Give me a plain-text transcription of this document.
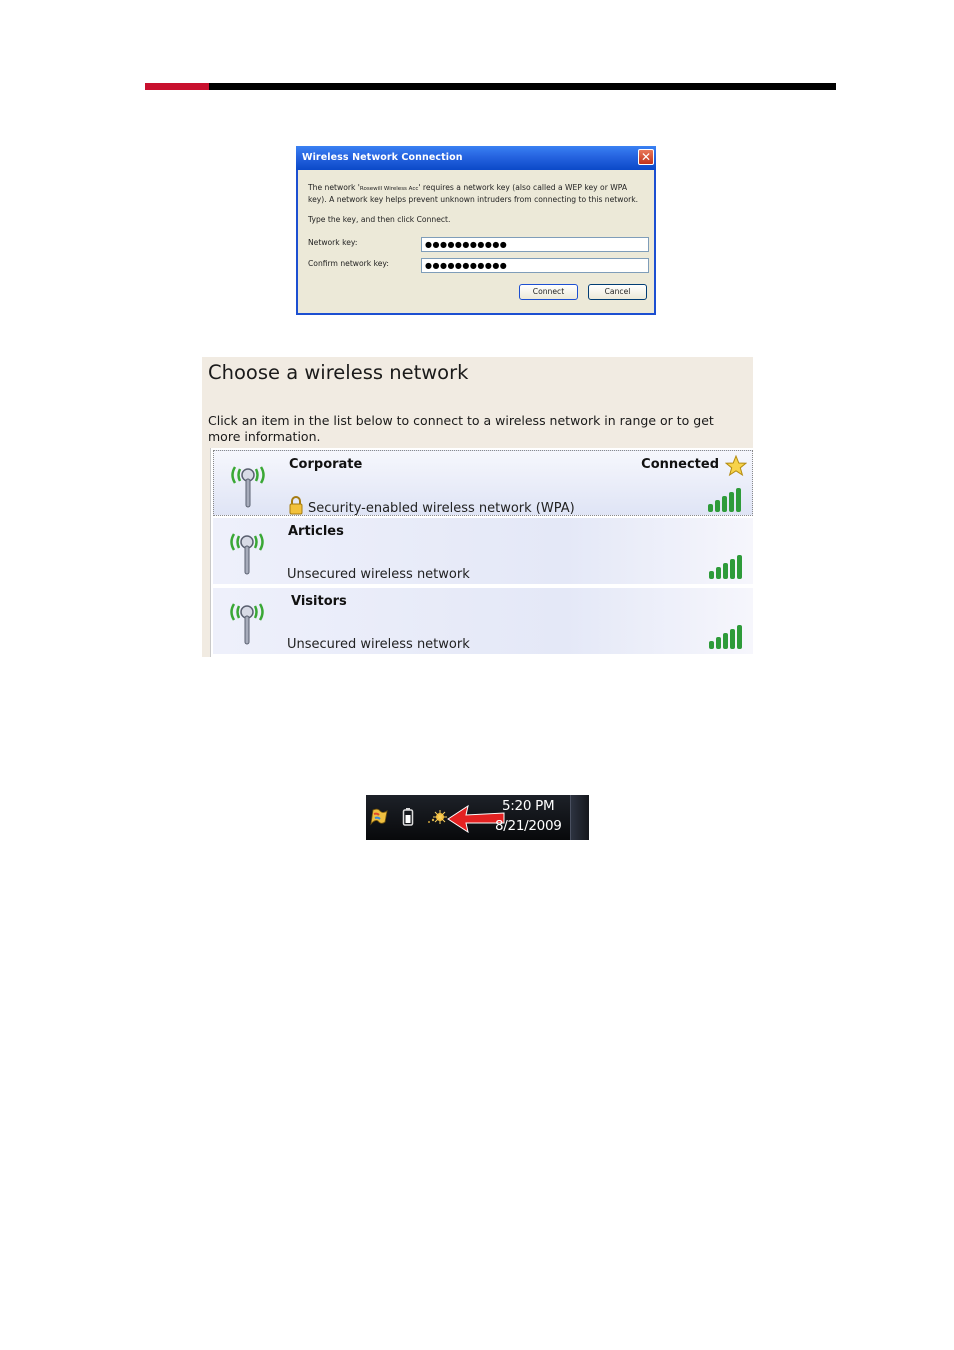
Wireless Network Connection	✕
The network 'Rosewill Wireless Acc' requires a network key (also called a WEP key or WPA key). A network key helps prevent unknown intruders from connecting to this network.
Type the key, and then click Connect.
Network key:	●●●●●●●●●●●
Confirm network key:	●●●●●●●●●●●
Connect	Cancel
Choose a wireless network
Click an item in the list below to connect to a wireless network in range or to get more information.
Corporate
Security-enabled wireless network (WPA)
Connected
Articles
Unsecured wireless network
Visitors
Unsecured wireless network
5:20 PM
8/21/2009
